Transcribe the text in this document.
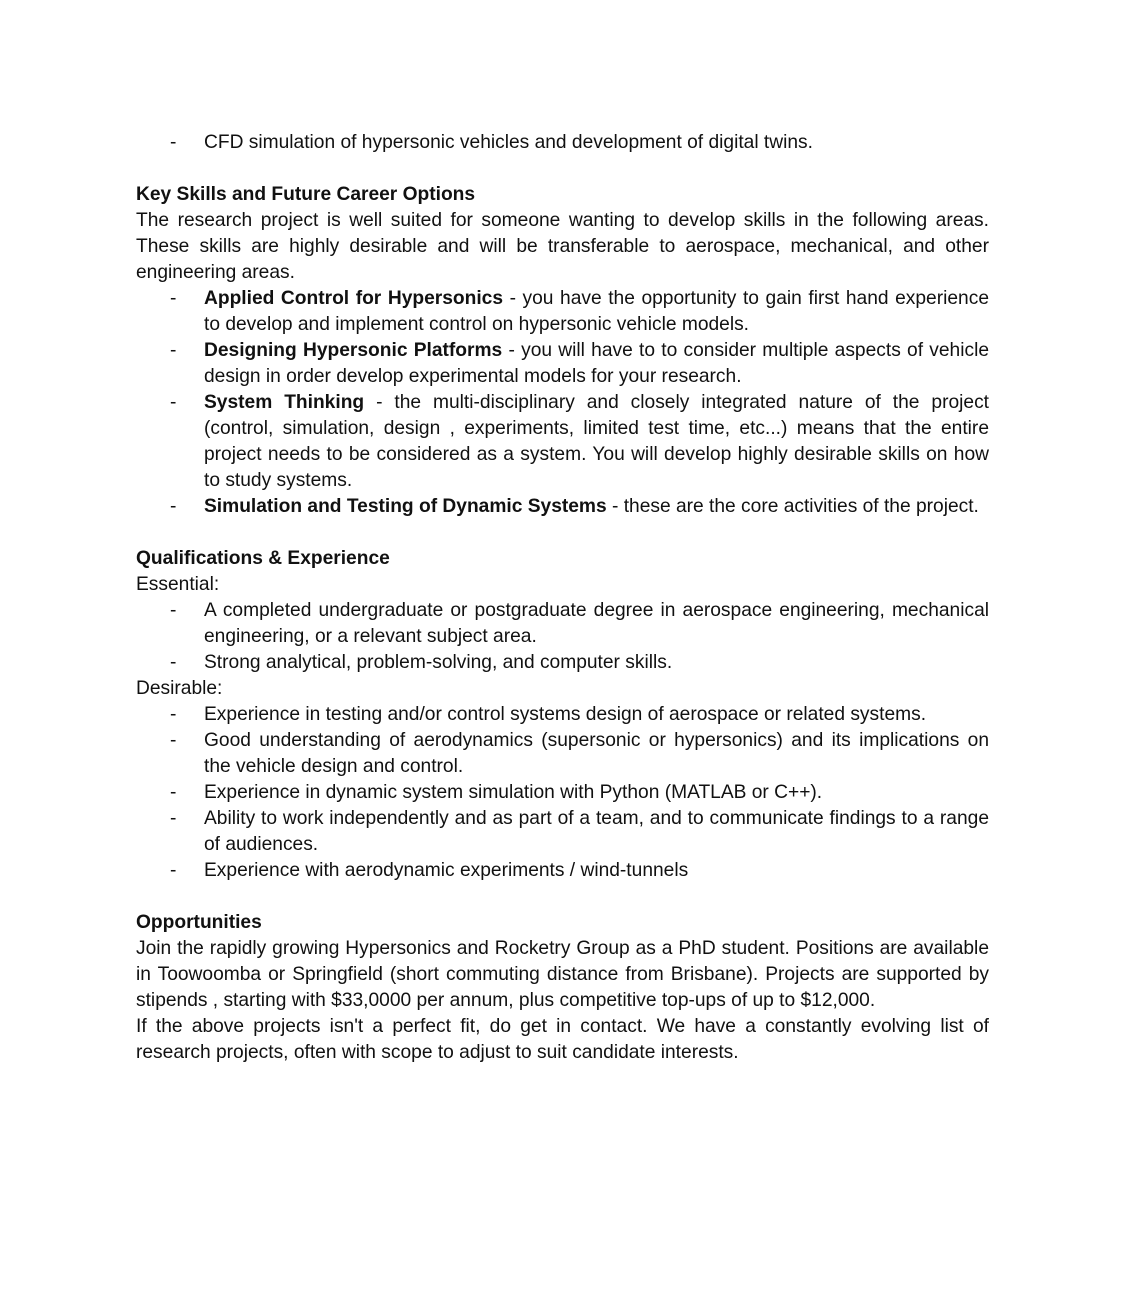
- CFD simulation of hypersonic vehicles and development of digital twins.

Key Skills and Future Career Options

The research project is well suited for someone wanting to develop skills in the following areas. These skills are highly desirable and will be transferable to aerospace, mechanical, and other engineering areas.

- Applied Control for Hypersonics - you have the opportunity to gain first hand experience to develop and implement control on hypersonic vehicle models.
- Designing Hypersonic Platforms - you will have to to consider multiple aspects of vehicle design in order develop experimental models for your research.
- System Thinking - the multi-disciplinary and closely integrated nature of the project (control, simulation, design , experiments, limited test time, etc...) means that the entire project needs to be considered as a system. You will develop highly desirable skills on how to study systems.
- Simulation and Testing of Dynamic Systems - these are the core activities of the project.

Qualifications & Experience

Essential:

- A completed undergraduate or postgraduate degree in aerospace engineering, mechanical engineering, or a relevant subject area.
- Strong analytical, problem-solving, and computer skills.

Desirable:

- Experience in testing and/or control systems design of aerospace or related systems.
- Good understanding of aerodynamics (supersonic or hypersonics) and its implications on the vehicle design and control.
- Experience in dynamic system simulation with Python (MATLAB or C++).
- Ability to work independently and as part of a team, and to communicate findings to a range of audiences.
- Experience with aerodynamic experiments / wind-tunnels

Opportunities

Join the rapidly growing Hypersonics and Rocketry Group as a PhD student. Positions are available in Toowoomba or Springfield (short commuting distance from Brisbane). Projects are supported by stipends , starting with $33,0000 per annum, plus competitive top-ups of up to $12,000.

If the above projects isn't a perfect fit, do get in contact. We have a constantly evolving list of research projects, often with scope to adjust to suit candidate interests.
